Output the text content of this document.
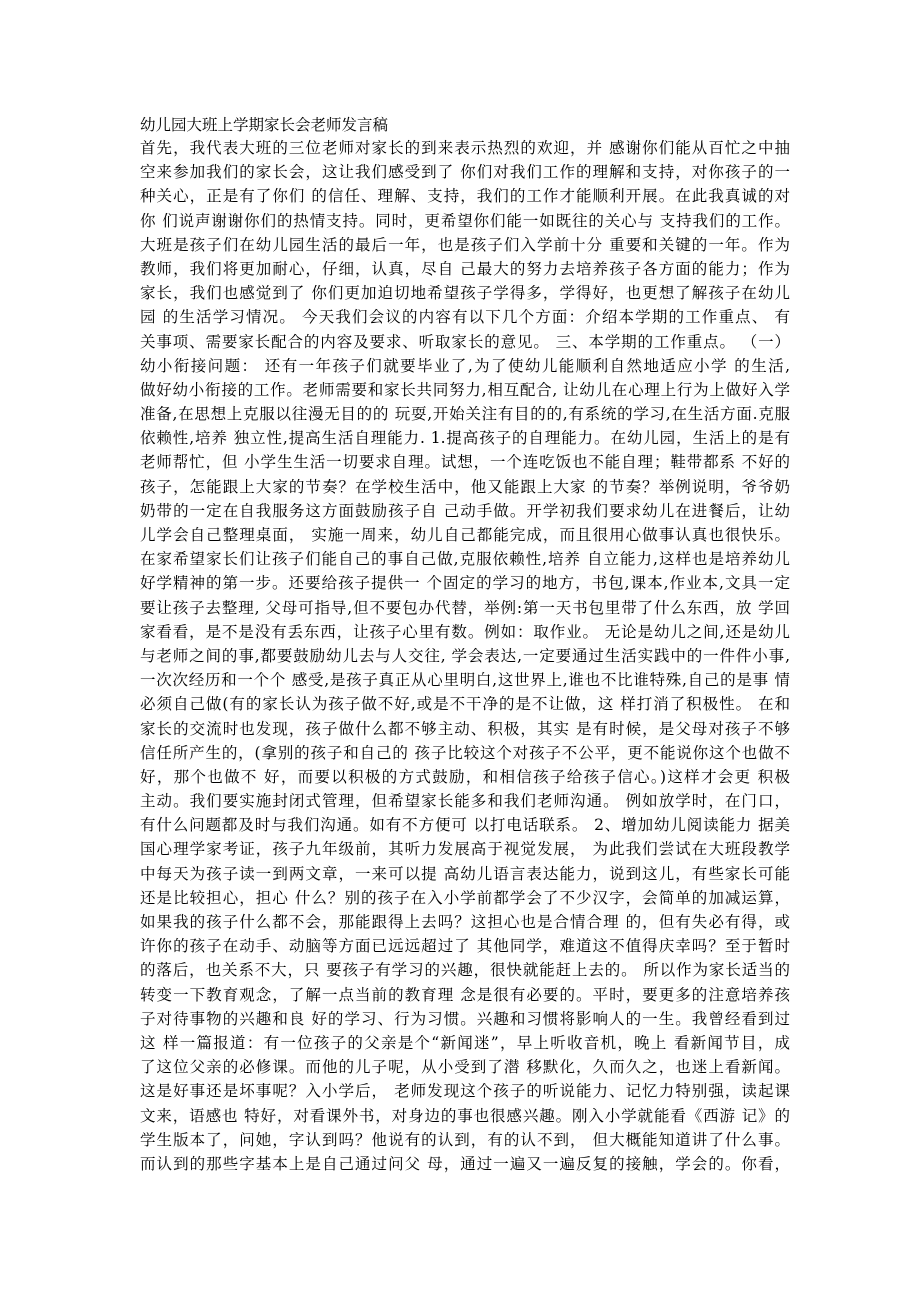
幼儿园大班上学期家长会老师发言稿
首先，我代表大班的三位老师对家长的到来表示热烈的欢迎，并 感谢你们能从百忙之中抽
空来参加我们的家长会，这让我们感受到了 你们对我们工作的理解和支持，对你孩子的一
种关心，正是有了你们 的信任、理解、支持，我们的工作才能顺利开展。在此我真诚的对
你 们说声谢谢你们的热情支持。同时，更希望你们能一如既往的关心与 支持我们的工作。
大班是孩子们在幼儿园生活的最后一年，也是孩子们入学前十分 重要和关键的一年。作为
教师，我们将更加耐心，仔细，认真，尽自 己最大的努力去培养孩子各方面的能力；作为
家长，我们也感觉到了 你们更加迫切地希望孩子学得多，学得好，也更想了解孩子在幼儿
园 的生活学习情况。 今天我们会议的内容有以下几个方面：介绍本学期的工作重点、 有
关事项、需要家长配合的内容及要求、听取家长的意见。 三、本学期的工作重点。 （一）
幼小衔接问题： 还有一年孩子们就要毕业了,为了使幼儿能顺利自然地适应小学 的生活,
做好幼小衔接的工作。老师需要和家长共同努力,相互配合, 让幼儿在心理上行为上做好入学
准备,在思想上克服以往漫无目的的 玩耍,开始关注有目的的,有系统的学习,在生活方面.克服
依赖性,培养 独立性,提高生活自理能力. 1.提高孩子的自理能力。在幼儿园，生活上的是有
老师帮忙，但 小学生生活一切要求自理。试想，一个连吃饭也不能自理；鞋带都系 不好的
孩子，怎能跟上大家的节奏？在学校生活中，他又能跟上大家 的节奏？举例说明，爷爷奶
奶带的一定在自我服务这方面鼓励孩子自 己动手做。开学初我们要求幼儿在进餐后，让幼
儿学会自己整理桌面， 实施一周来，幼儿自己都能完成，而且很用心做事认真也很快乐。
在家希望家长们让孩子们能自己的事自己做,克服依赖性,培养 自立能力,这样也是培养幼儿
好学精神的第一步。还要给孩子提供一 个固定的学习的地方，书包,课本,作业本,文具一定
要让孩子去整理, 父母可指导,但不要包办代替，举例:第一天书包里带了什么东西，放 学回
家看看，是不是没有丢东西，让孩子心里有数。例如：取作业。 无论是幼儿之间,还是幼儿
与老师之间的事,都要鼓励幼儿去与人交往, 学会表达,一定要通过生活实践中的一件件小事,
一次次经历和一个个 感受,是孩子真正从心里明白,这世界上,谁也不比谁特殊,自己的是事 情
必须自己做(有的家长认为孩子做不好,或是不干净的是不让做，这 样打消了积极性。 在和
家长的交流时也发现，孩子做什么都不够主动、积极，其实 是有时候，是父母对孩子不够
信任所产生的，(拿别的孩子和自己的 孩子比较这个对孩子不公平，更不能说你这个也做不
好，那个也做不 好，而要以积极的方式鼓励，和相信孩子给孩子信心。)这样才会更 积极
主动。我们要实施封闭式管理，但希望家长能多和我们老师沟通。 例如放学时，在门口，
有什么问题都及时与我们沟通。如有不方便可 以打电话联系。 2、增加幼儿阅读能力 据美
国心理学家考证，孩子九年级前，其听力发展高于视觉发展， 为此我们尝试在大班段教学
中每天为孩子读一到两文章，一来可以提 高幼儿语言表达能力，说到这儿，有些家长可能
还是比较担心，担心 什么？别的孩子在入小学前都学会了不少汉字，会简单的加减运算，
如果我的孩子什么都不会，那能跟得上去吗？这担心也是合情合理 的，但有失必有得，或
许你的孩子在动手、动脑等方面已远远超过了 其他同学，难道这不值得庆幸吗？至于暂时
的落后，也关系不大，只 要孩子有学习的兴趣，很快就能赶上去的。 所以作为家长适当的
转变一下教育观念，了解一点当前的教育理 念是很有必要的。平时，要更多的注意培养孩
子对待事物的兴趣和良 好的学习、行为习惯。兴趣和习惯将影响人的一生。我曾经看到过
这 样一篇报道：有一位孩子的父亲是个“新闻迷”，早上听收音机，晚上 看新闻节目，成
了这位父亲的必修课。而他的儿子呢，从小受到了潜 移默化，久而久之，也迷上看新闻。
这是好事还是坏事呢？入小学后， 老师发现这个孩子的听说能力、记忆力特别强，读起课
文来，语感也 特好，对看课外书，对身边的事也很感兴趣。刚入小学就能看《西游 记》的
学生版本了，问她，字认到吗？他说有的认到，有的认不到， 但大概能知道讲了什么事。
而认到的那些字基本上是自己通过问父 母，通过一遍又一遍反复的接触，学会的。你看，
